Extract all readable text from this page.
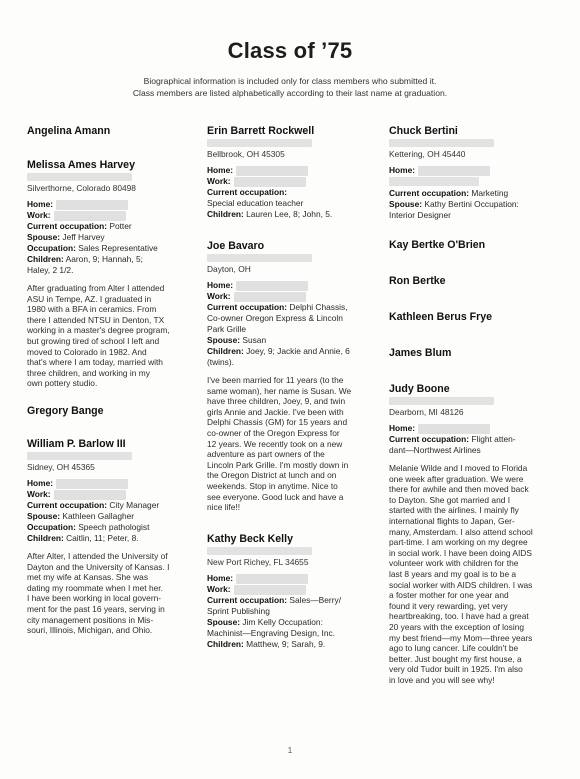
Class of ’75
Biographical information is included only for class members who submitted it.
Class members are listed alphabetically according to their last name at graduation.
Angelina Amann
Melissa Ames Harvey
Silverthorne, Colorado 80498
Home:
Work:
Current occupation: Potter
Spouse: Jeff Harvey
Occupation: Sales Representative
Children: Aaron, 9; Hannah, 5;
Haley, 2 1/2.
After graduating from Alter I attended
ASU in Tempe, AZ. I graduated in
1980 with a BFA in ceramics. From
there I attended NTSU in Denton, TX
working in a master's degree program,
but growing tired of school I left and
moved to Colorado in 1982. And
that's where I am today, married with
three children, and working in my
own pottery studio.
Gregory Bange
William P. Barlow III
Sidney, OH 45365
Home:
Work:
Current occupation: City Manager
Spouse: Kathleen Gallagher
Occupation: Speech pathologist
Children: Caitlin, 11; Peter, 8.
After Alter, I attended the University of
Dayton and the University of Kansas. I
met my wife at Kansas. She was
dating my roommate when I met her.
I have been working in local govern-
ment for the past 16 years, serving in
city management positions in Mis-
souri, Illinois, Michigan, and Ohio.
Erin Barrett Rockwell
Bellbrook, OH 45305
Home:
Work:
Current occupation:
Special education teacher
Children: Lauren Lee, 8; John, 5.
Joe Bavaro
Dayton, OH
Home:
Work:
Current occupation: Delphi Chassis,
Co-owner Oregon Express & Lincoln
Park Grille
Spouse: Susan
Children: Joey, 9; Jackie and Annie, 6
(twins).
I've been married for 11 years (to the
same woman), her name is Susan. We
have three children, Joey, 9, and twin
girls Annie and Jackie. I've been with
Delphi Chassis (GM) for 15 years and
co-owner of the Oregon Express for
12 years. We recently took on a new
adventure as part owners of the
Lincoln Park Grille. I'm mostly down in
the Oregon District at lunch and on
weekends. Stop in anytime. Nice to
see everyone. Good luck and have a
nice life!!
Kathy Beck Kelly
New Port Richey, FL 34655
Home:
Work:
Current occupation: Sales—Berry/
Sprint Publishing
Spouse: Jim Kelly Occupation:
Machinist—Engraving Design, Inc.
Children: Matthew, 9; Sarah, 9.
Chuck Bertini
Kettering, OH 45440
Home:
Current occupation: Marketing
Spouse: Kathy Bertini Occupation:
Interior Designer
Kay Bertke O'Brien
Ron Bertke
Kathleen Berus Frye
James Blum
Judy Boone
Dearborn, MI 48126
Home:
Current occupation: Flight atten-
dant—Northwest Airlines
Melanie Wilde and I moved to Florida
one week after graduation. We were
there for awhile and then moved back
to Dayton. She got married and I
started with the airlines. I mainly fly
international flights to Japan, Ger-
many, Amsterdam. I also attend school
part-time. I am working on my degree
in social work. I have been doing AIDS
volunteer work with children for the
last 8 years and my goal is to be a
social worker with AIDS children. I was
a foster mother for one year and
found it very rewarding, yet very
heartbreaking, too. I have had a great
20 years with the exception of losing
my best friend—my Mom—three years
ago to lung cancer. Life couldn't be
better. Just bought my first house, a
very old Tudor built in 1925. I'm also
in love and you will see why!
1
